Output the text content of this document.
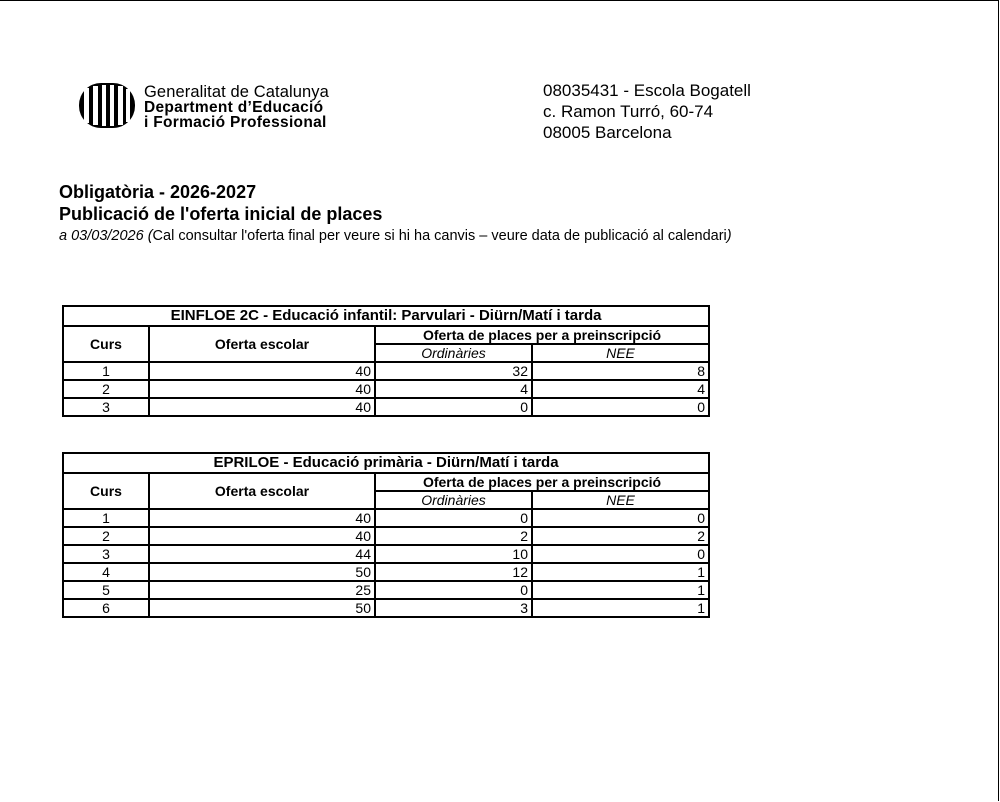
Generalitat de Catalunya
Department d’Educació
i Formació Professional
08035431 - Escola Bogatell
c. Ramon Turró, 60-74
08005 Barcelona
Obligatòria - 2026-2027
Publicació de l'oferta inicial de places
a 03/03/2026 (Cal consultar l'oferta final per veure si hi ha canvis – veure data de publicació al calendari)
EINFLOE 2C - Educació infantil: Parvulari - Diürn/Matí i tarda			
Curs	Oferta escolar	Oferta de places per a preinscripció	
		Ordinàries	NEE
1	40	32	8
2	40	4	4
3	40	0	0
EPRILOE - Educació primària - Diürn/Matí i tarda			
Curs	Oferta escolar	Oferta de places per a preinscripció	
		Ordinàries	NEE
1	40	0	0
2	40	2	2
3	44	10	0
4	50	12	1
5	25	0	1
6	50	3	1
